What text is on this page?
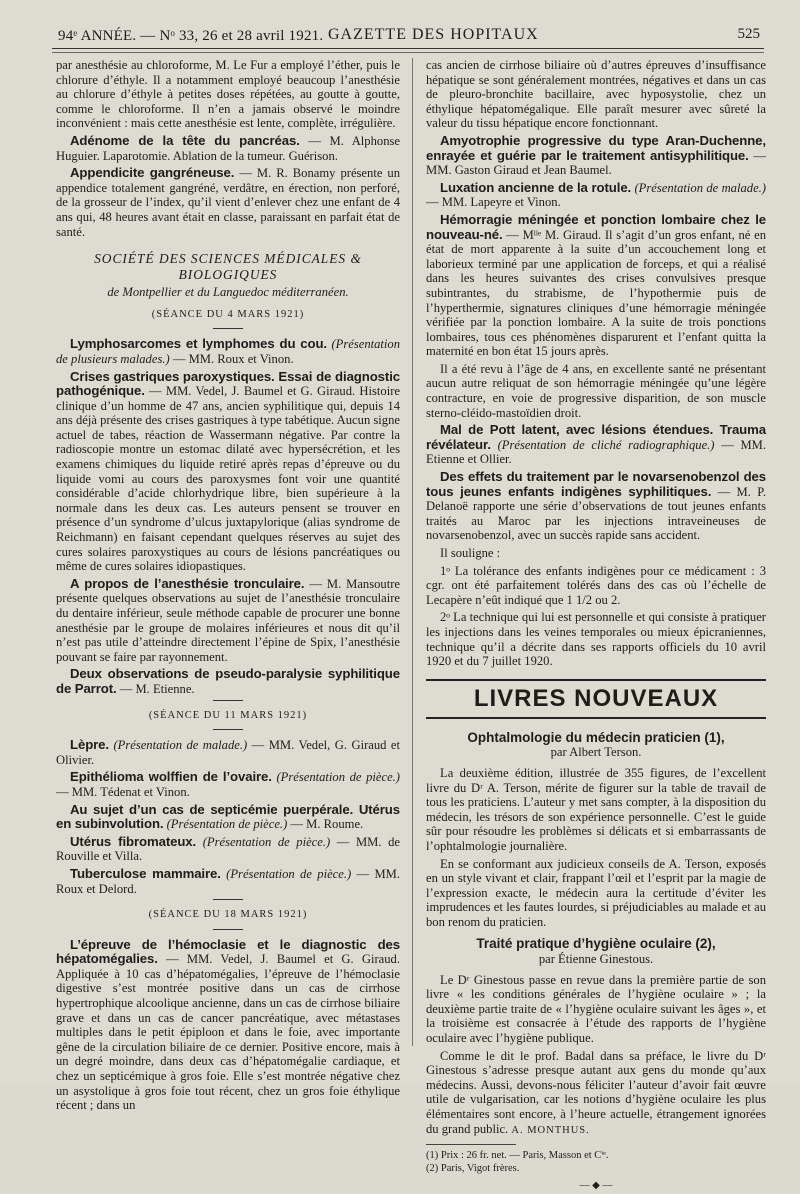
94ᵉ ANNÉE. — Nᵒ 33, 26 et 28 avril 1921. GAZETTE DES HOPITAUX	525

par anesthésie au chloroforme, M. Le Fur a employé l’éther, puis le chlorure d’éthyle. Il a notamment employé beaucoup l’anesthésie au chlorure d’éthyle à petites doses répétées, au goutte à goutte, comme le chloroforme. Il n’en a jamais observé le moindre inconvénient : mais cette anesthésie est lente, complète, irrégulière.

Adénome de la tête du pancréas. — M. Alphonse Huguier. Laparotomie. Ablation de la tumeur. Guérison.

Appendicite gangréneuse. — M. R. Bonamy présente un appendice totalement gangréné, verdâtre, en érection, non perforé, de la grosseur de l’index, qu’il vient d’enlever chez une enfant de 4 ans qui, 48 heures avant était en classe, paraissant en parfait état de santé.

SOCIÉTÉ DES SCIENCES MÉDICALES & BIOLOGIQUES
de Montpellier et du Languedoc méditerranéen.
(SÉANCE DU 4 MARS 1921)

Lymphosarcomes et lymphomes du cou. (Présentation de plusieurs malades.) — MM. Roux et Vinon.

Crises gastriques paroxystiques. Essai de diagnostic pathogénique. — MM. Vedel, J. Baumel et G. Giraud. Histoire clinique d’un homme de 47 ans, ancien syphilitique qui, depuis 14 ans déjà présente des crises gastriques à type tabétique. Aucun signe actuel de tabes, réaction de Wassermann négative. Par contre la radioscopie montre un estomac dilaté avec hypersécrétion, et les examens chimiques du liquide retiré après repas d’épreuve ou du liquide vomi au cours des paroxysmes font voir une quantité considérable d’acide chlorhydrique libre, bien supérieure à la normale dans les deux cas. Les auteurs pensent se trouver en présence d’un syndrome d’ulcus juxtapylorique (alias syndrome de Reichmann) en faisant cependant quelques réserves au sujet des cures solaires paroxystiques au cours de lésions pancréatiques ou même de cures solaires idiopastiques.

A propos de l’anesthésie tronculaire. — M. Mansoutre présente quelques observations au sujet de l’anesthésie tronculaire du dentaire inférieur, seule méthode capable de procurer une bonne anesthésie par le groupe de molaires inférieures et nous dit qu’il n’est pas utile d’atteindre directement l’épine de Spix, l’anesthésie pouvant se faire par rayonnement.

Deux observations de pseudo-paralysie syphilitique de Parrot. — M. Etienne.

(SÉANCE DU 11 MARS 1921)

Lèpre. (Présentation de malade.) — MM. Vedel, G. Giraud et Olivier.

Epithélioma wolffien de l’ovaire. (Présentation de pièce.) — MM. Tédenat et Vinon.

Au sujet d’un cas de septicémie puerpérale. Utérus en subinvolution. (Présentation de pièce.) — M. Roume.

Utérus fibromateux. (Présentation de pièce.) — MM. de Rouville et Villa.

Tuberculose mammaire. (Présentation de pièce.) — MM. Roux et Delord.

(SÉANCE DU 18 MARS 1921)

L’épreuve de l’hémoclasie et le diagnostic des hépatomégalies. — MM. Vedel, J. Baumel et G. Giraud. Appliquée à 10 cas d’hépatomégalies, l’épreuve de l’hémoclasie digestive s’est montrée positive dans un cas de cirrhose hypertrophique alcoolique ancienne, dans un cas de cirrhose biliaire grave et dans un cas de cancer pancréatique, avec métastases multiples dans le petit épiploon et dans le foie, avec importante gêne de la circulation biliaire de ce dernier. Positive encore, mais à un degré moindre, dans deux cas d’hépatomégalie cardiaque, et chez un septicémique à gros foie. Elle s’est montrée négative chez un asystolique à gros foie tout récent, chez un gros foie éthylique récent ; dans un

cas ancien de cirrhose biliaire où d’autres épreuves d’insuffisance hépatique se sont généralement montrées, négatives et dans un cas de pleuro-bronchite bacillaire, avec hyposystolie, chez un éthylique hépatomégalique. Elle paraît mesurer avec sûreté la valeur du tissu hépatique encore fonctionnant.

Amyotrophie progressive du type Aran-Duchenne, enrayée et guérie par le traitement antisyphilitique. — MM. Gaston Giraud et Jean Baumel.

Luxation ancienne de la rotule. (Présentation de malade.) — MM. Lapeyre et Vinon.

Hémorragie méningée et ponction lombaire chez le nouveau-né. — Mˡˡᵉ M. Giraud. Il s’agit d’un gros enfant, né en état de mort apparente à la suite d’un accouchement long et laborieux terminé par une application de forceps, et qui a réalisé dans les heures suivantes des crises convulsives presque subintrantes, du strabisme, de l’hypothermie puis de l’hyperthermie, signatures cliniques d’une hémorragie méningée vérifiée par la ponction lombaire. A la suite de trois ponctions lombaires, tous ces phénomènes disparurent et l’enfant quitta la maternité en bon état 15 jours après.

Il a été revu à l’âge de 4 ans, en excellente santé ne présentant aucun autre reliquat de son hémorragie méningée qu’une légère contracture, en voie de progressive disparition, de son muscle sterno-cléido-mastoïdien droit.

Mal de Pott latent, avec lésions étendues. Trauma révélateur. (Présentation de cliché radiographique.) — MM. Etienne et Ollier.

Des effets du traitement par le novarsenobenzol des tous jeunes enfants indigènes syphilitiques. — M. P. Delanoë rapporte une série d’observations de tout jeunes enfants traités au Maroc par les injections intraveineuses de novarsenobenzol, avec un succès rapide sans accident.

Il souligne :

1ᵒ La tolérance des enfants indigènes pour ce médicament : 3 cgr. ont été parfaitement tolérés dans des cas où l’échelle de Lecapère n’eût indiqué que 1 1/2 ou 2.

2ᵒ La technique qui lui est personnelle et qui consiste à pratiquer les injections dans les veines temporales ou mieux épicraniennes, technique qu’il a décrite dans ses rapports officiels du 10 avril 1920 et du 7 juillet 1920.

LIVRES NOUVEAUX
Ophtalmologie du médecin praticien (1),
par Albert Terson.

La deuxième édition, illustrée de 355 figures, de l’excellent livre du Dʳ A. Terson, mérite de figurer sur la table de travail de tous les praticiens. L’auteur y met sans compter, à la disposition du médecin, les trésors de son expérience personnelle. C’est le guide sûr pour résoudre les problèmes si délicats et si embarrassants de l’ophtalmologie journalière.

En se conformant aux judicieux conseils de A. Terson, exposés en un style vivant et clair, frappant l’œil et l’esprit par la magie de l’expression exacte, le médecin aura la certitude d’éviter les imprudences et les fautes lourdes, si préjudiciables au malade et au bon renom du praticien.

Traité pratique d’hygiène oculaire (2),
par Étienne Ginestous.

Le Dʳ Ginestous passe en revue dans la première partie de son livre « les conditions générales de l’hygiène oculaire » ; la deuxième partie traite de « l’hygiène oculaire suivant les âges », et la troisième est consacrée à l’étude des rapports de l’hygiène oculaire avec l’hygiène publique.

Comme le dit le prof. Badal dans sa préface, le livre du Dʳ Ginestous s’adresse presque autant aux gens du monde qu’aux médecins. Aussi, devons-nous féliciter l’auteur d’avoir fait œuvre utile de vulgarisation, car les notions d’hygiène oculaire les plus élémentaires sont encore, à l’heure actuelle, étrangement ignorées du grand public. A. MONTHUS.

(1) Prix : 26 fr. net. — Paris, Masson et Cⁱᵉ.
(2) Paris, Vigot frères.
— ◆ —
